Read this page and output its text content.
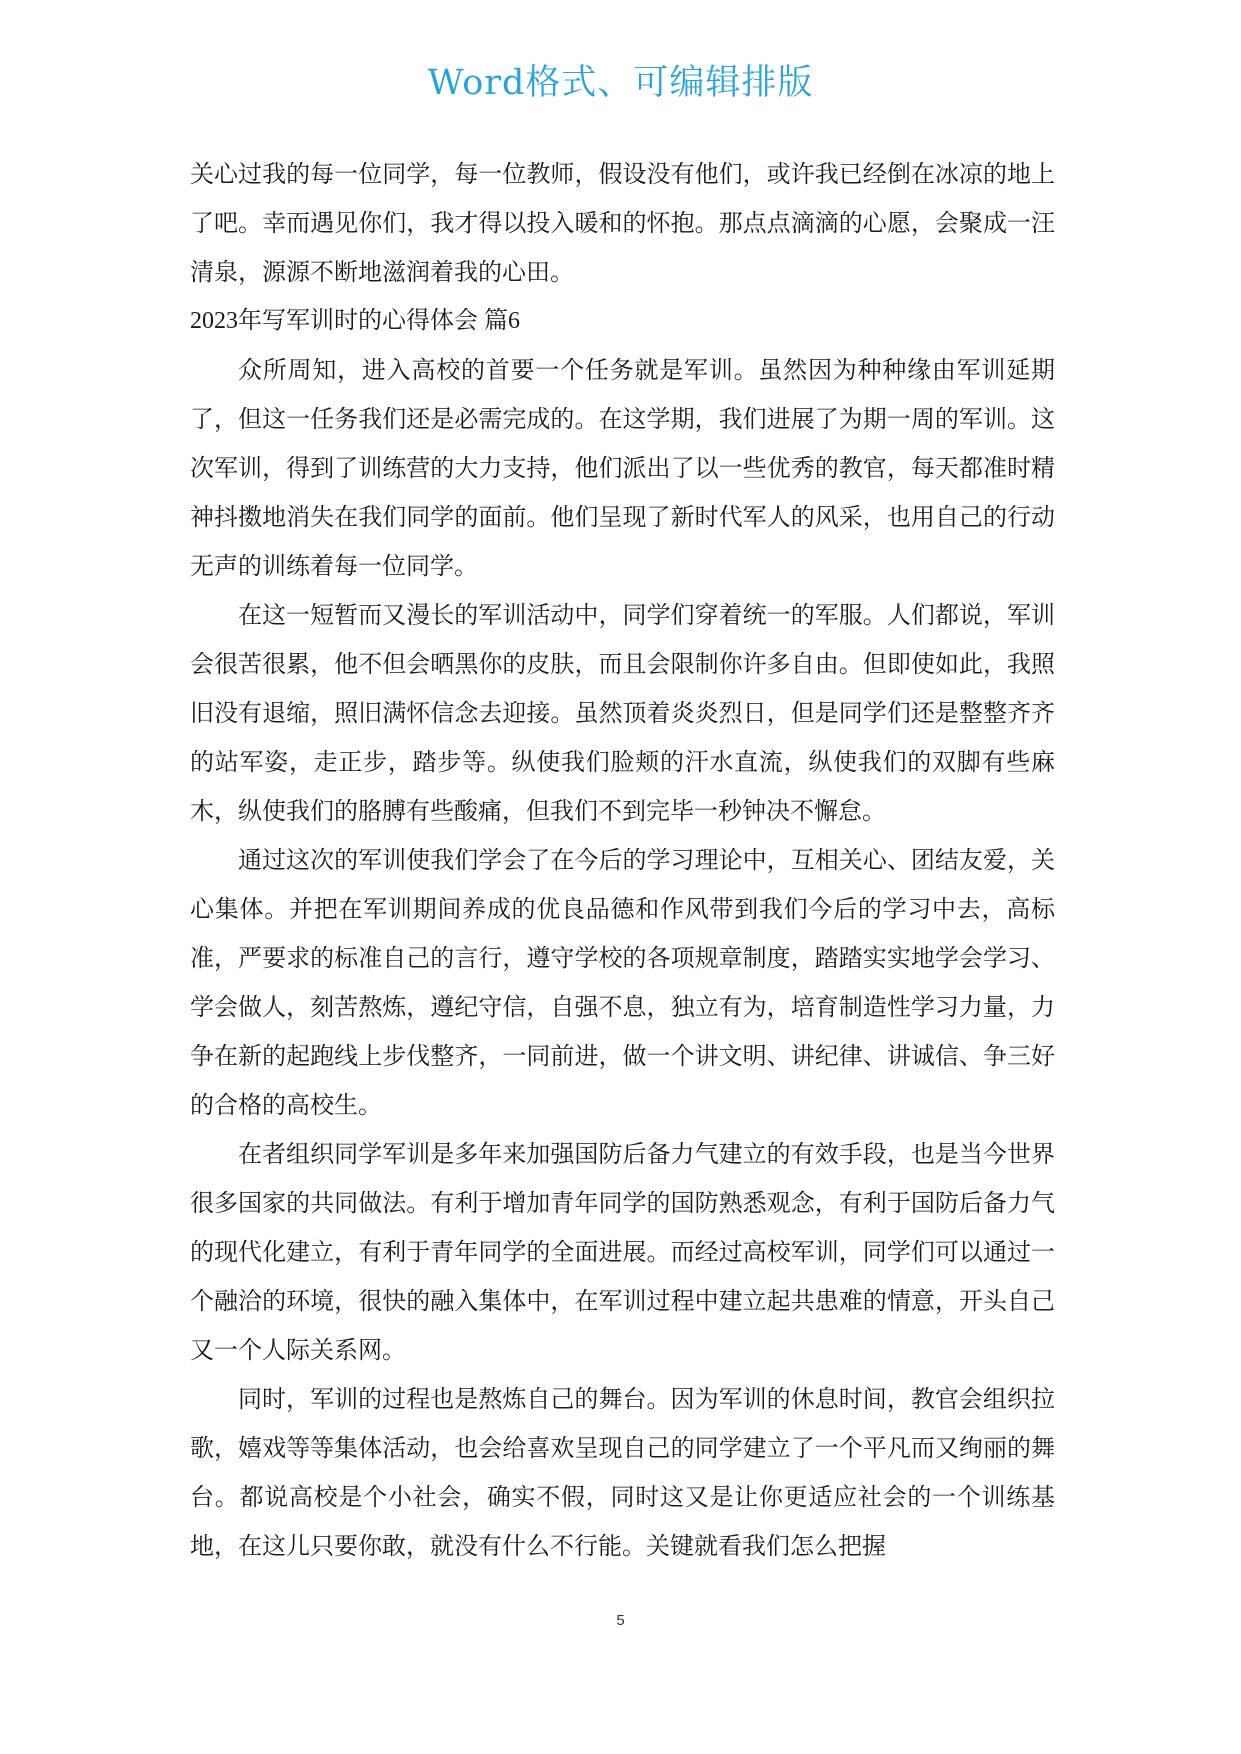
Word格式、可编辑排版

关心过我的每一位同学，每一位教师，假设没有他们，或许我已经倒在冰凉的地上了吧。幸而遇见你们，我才得以投入暖和的怀抱。那点点滴滴的心愿，会聚成一汪清泉，源源不断地滋润着我的心田。

2023年写军训时的心得体会 篇6

众所周知，进入高校的首要一个任务就是军训。虽然因为种种缘由军训延期了，但这一任务我们还是必需完成的。在这学期，我们进展了为期一周的军训。这次军训，得到了训练营的大力支持，他们派出了以一些优秀的教官，每天都准时精神抖擞地消失在我们同学的面前。他们呈现了新时代军人的风采，也用自己的行动无声的训练着每一位同学。

在这一短暂而又漫长的军训活动中，同学们穿着统一的军服。人们都说，军训会很苦很累，他不但会晒黑你的皮肤，而且会限制你许多自由。但即使如此，我照旧没有退缩，照旧满怀信念去迎接。虽然顶着炎炎烈日，但是同学们还是整整齐齐的站军姿，走正步，踏步等。纵使我们脸颊的汗水直流，纵使我们的双脚有些麻木，纵使我们的胳膊有些酸痛，但我们不到完毕一秒钟决不懈怠。

通过这次的军训使我们学会了在今后的学习理论中，互相关心、团结友爱，关心集体。并把在军训期间养成的优良品德和作风带到我们今后的学习中去，高标准，严要求的标准自己的言行，遵守学校的各项规章制度，踏踏实实地学会学习、学会做人，刻苦熬炼，遵纪守信，自强不息，独立有为，培育制造性学习力量，力争在新的起跑线上步伐整齐，一同前进，做一个讲文明、讲纪律、讲诚信、争三好的合格的高校生。

在者组织同学军训是多年来加强国防后备力气建立的有效手段，也是当今世界很多国家的共同做法。有利于增加青年同学的国防熟悉观念，有利于国防后备力气的现代化建立，有利于青年同学的全面进展。而经过高校军训，同学们可以通过一个融洽的环境，很快的融入集体中，在军训过程中建立起共患难的情意，开头自己又一个人际关系网。

同时，军训的过程也是熬炼自己的舞台。因为军训的休息时间，教官会组织拉歌，嬉戏等等集体活动，也会给喜欢呈现自己的同学建立了一个平凡而又绚丽的舞台。都说高校是个小社会，确实不假，同时这又是让你更适应社会的一个训练基地，在这儿只要你敢，就没有什么不行能。关键就看我们怎么把握

5
